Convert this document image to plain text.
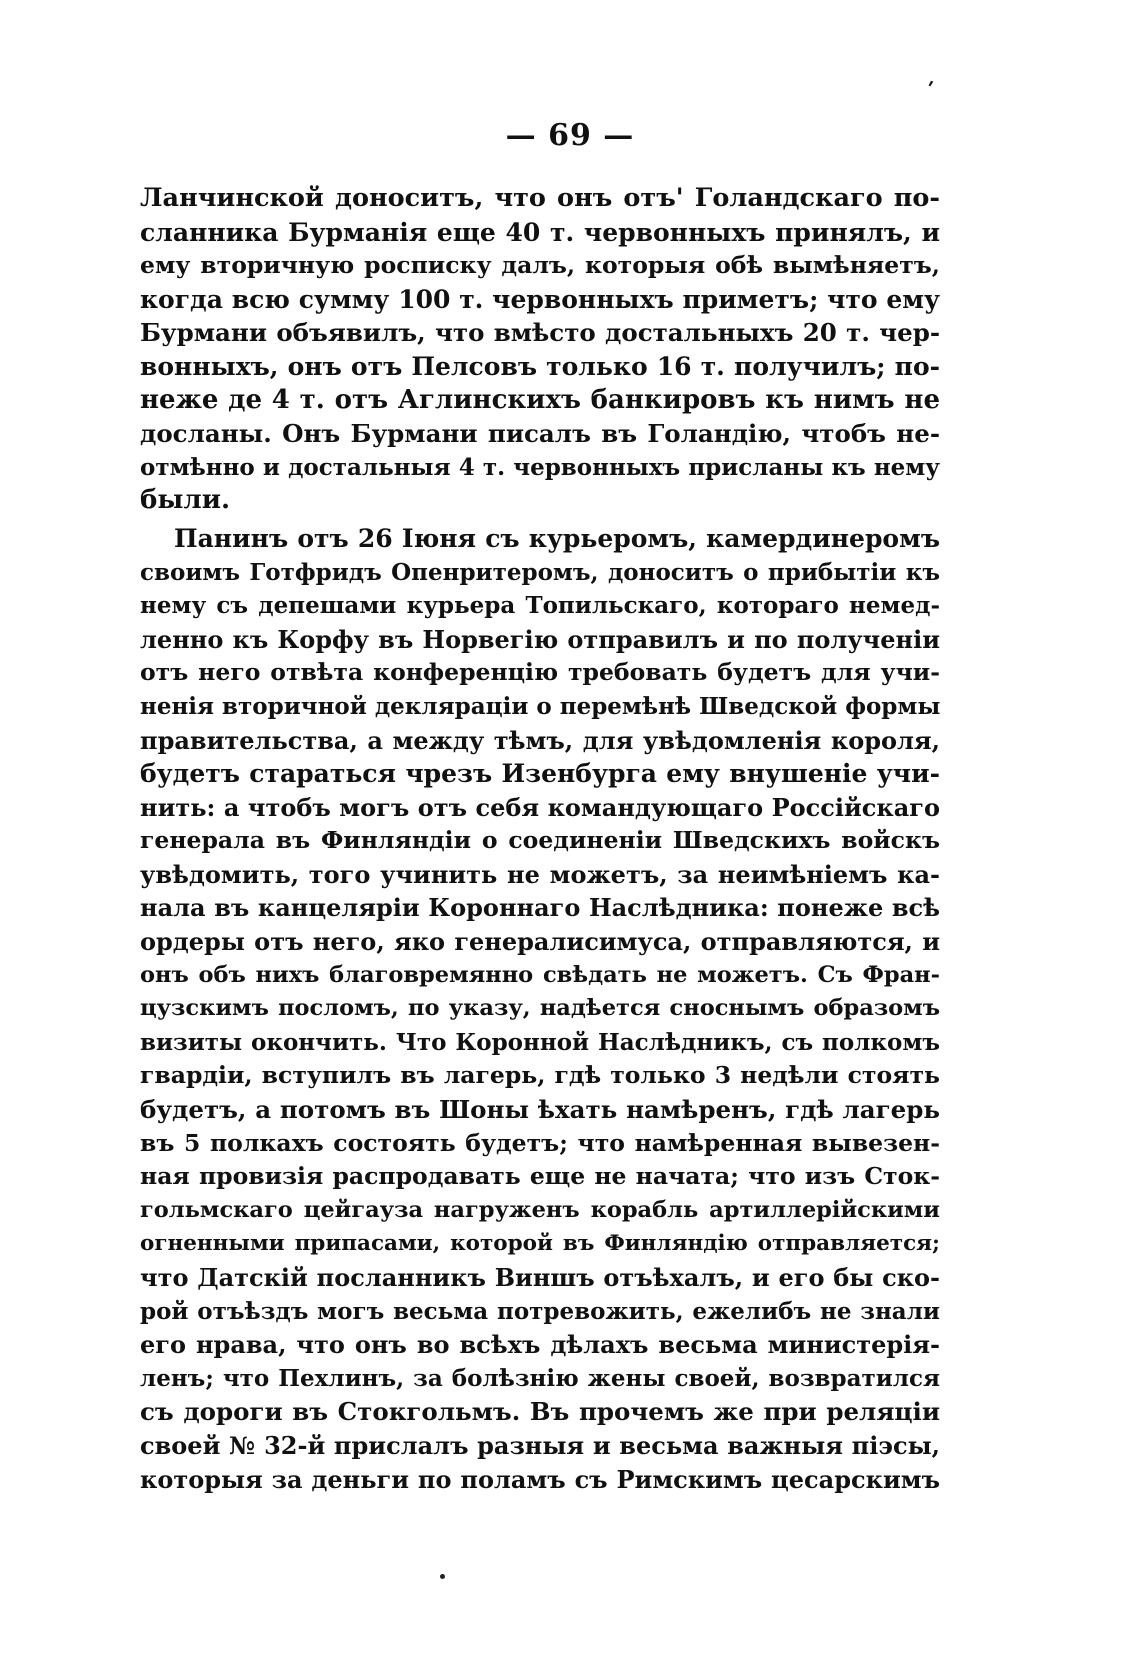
ʹ
— 69 —
Ланчинской доноситъ, что онъ отъ' Голандскаго по-
сланника Бурманія еще 40 т. червонныхъ принялъ, и
ему вторичную росписку далъ, которыя обѣ вымѣняетъ,
когда всю сумму 100 т. червонныхъ приметъ; что ему
Бурмани объявилъ, что вмѣсто достальныхъ 20 т. чер-
вонныхъ, онъ отъ Пелсовъ только 16 т. получилъ; по-
неже де 4 т. отъ Аглинскихъ банкировъ къ нимъ не
досланы. Онъ Бурмани писалъ въ Голандію, чтобъ не-
отмѣнно и достальныя 4 т. червонныхъ присланы къ нему
были.
Панинъ отъ 26 Іюня съ курьеромъ, камердинеромъ
своимъ Готфридъ Опенритеромъ, доноситъ о прибытіи къ
нему съ депешами курьера Топильскаго, котораго немед-
ленно къ Корфу въ Норвегію отправилъ и по полученіи
отъ него отвѣта конференцію требовать будетъ для учи-
ненія вторичной декляраціи о перемѣнѣ Шведской формы
правительства, а между тѣмъ, для увѣдомленія короля,
будетъ стараться чрезъ Изенбурга ему внушеніе учи-
нить: а чтобъ могъ отъ себя командующаго Россійскаго
генерала въ Финляндіи о соединеніи Шведскихъ войскъ
увѣдомить, того учинить не можетъ, за неимѣніемъ ка-
нала въ канцеляріи Короннаго Наслѣдника: понеже всѣ
ордеры отъ него, яко генералисимуса, отправляются, и
онъ объ нихъ благовремянно свѣдать не можетъ. Съ Фран-
цузскимъ посломъ, по указу, надѣется сноснымъ образомъ
визиты окончить. Что Коронной Наслѣдникъ, съ полкомъ
гвардіи, вступилъ въ лагерь, гдѣ только 3 недѣли стоять
будетъ, а потомъ въ Шоны ѣхать намѣренъ, гдѣ лагерь
въ 5 полкахъ состоять будетъ; что намѣренная вывезен-
ная провизія распродавать еще не начата; что изъ Сток-
гольмскаго цейгауза нагруженъ корабль артиллерійскими
огненными припасами, которой въ Финляндію отправляется;
что Датскій посланникъ Виншъ отъѣхалъ, и его бы ско-
рой отъѣздъ могъ весьма потревожить, ежелибъ не знали
его нрава, что онъ во всѣхъ дѣлахъ весьма министерія-
ленъ; что Пехлинъ, за болѣзнію жены своей, возвратился
съ дороги въ Стокгольмъ. Въ прочемъ же при реляціи
своей № 32-й прислалъ разныя и весьма важныя піэсы,
которыя за деньги по поламъ съ Римскимъ цесарскимъ
